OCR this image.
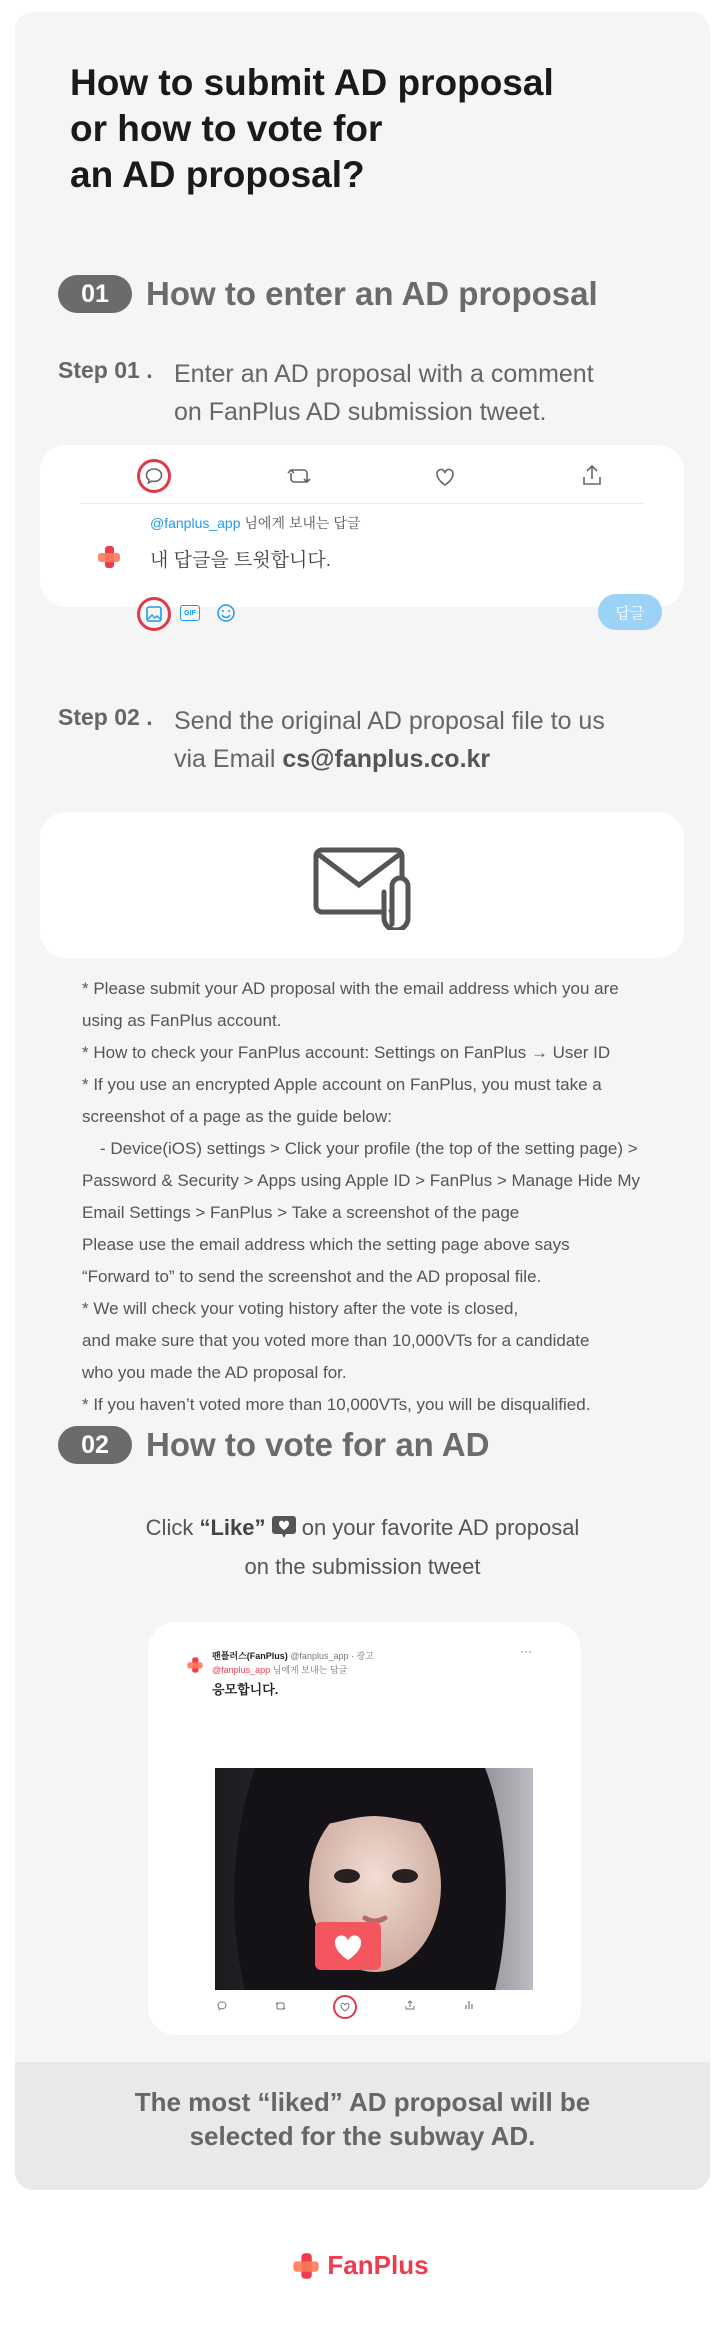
How to submit AD proposal
or how to vote for
an AD proposal?
01	How to enter an AD proposal
Step 01 . Enter an AD proposal with a comment
on FanPlus AD submission tweet.
@fanplus_app 님에게 보내는 답글
내 답글을 트윗합니다.
GIF	답글
Step 02 . Send the original AD proposal file to us
via Email cs@fanplus.co.kr

* Please submit your AD proposal with the email address which you are

using as FanPlus account.

* How to check your FanPlus account: Settings on FanPlus → User ID

* If you use an encrypted Apple account on FanPlus, you must take a

screenshot of a page as the guide below:

- Device(iOS) settings > Click your profile (the top of the setting page) >

Password & Security > Apps using Apple ID > FanPlus > Manage Hide My

Email Settings > FanPlus > Take a screenshot of the page

Please use the email address which the setting page above says

“Forward to” to send the screenshot and the AD proposal file.

* We will check your voting history after the vote is closed,

and make sure that you voted more than 10,000VTs for a candidate

who you made the AD proposal for.

* If you haven’t voted more than 10,000VTs, you will be disqualified.

02	How to vote for an AD
Click “Like”  on your favorite AD proposal
on the submission tweet
팬플러스(FanPlus) @fanplus_app · 광고
@fanplus_app 님에게 보내는 답글
응모합니다.
···
The most “liked” AD proposal will be
selected for the subway AD.
FanPlus
